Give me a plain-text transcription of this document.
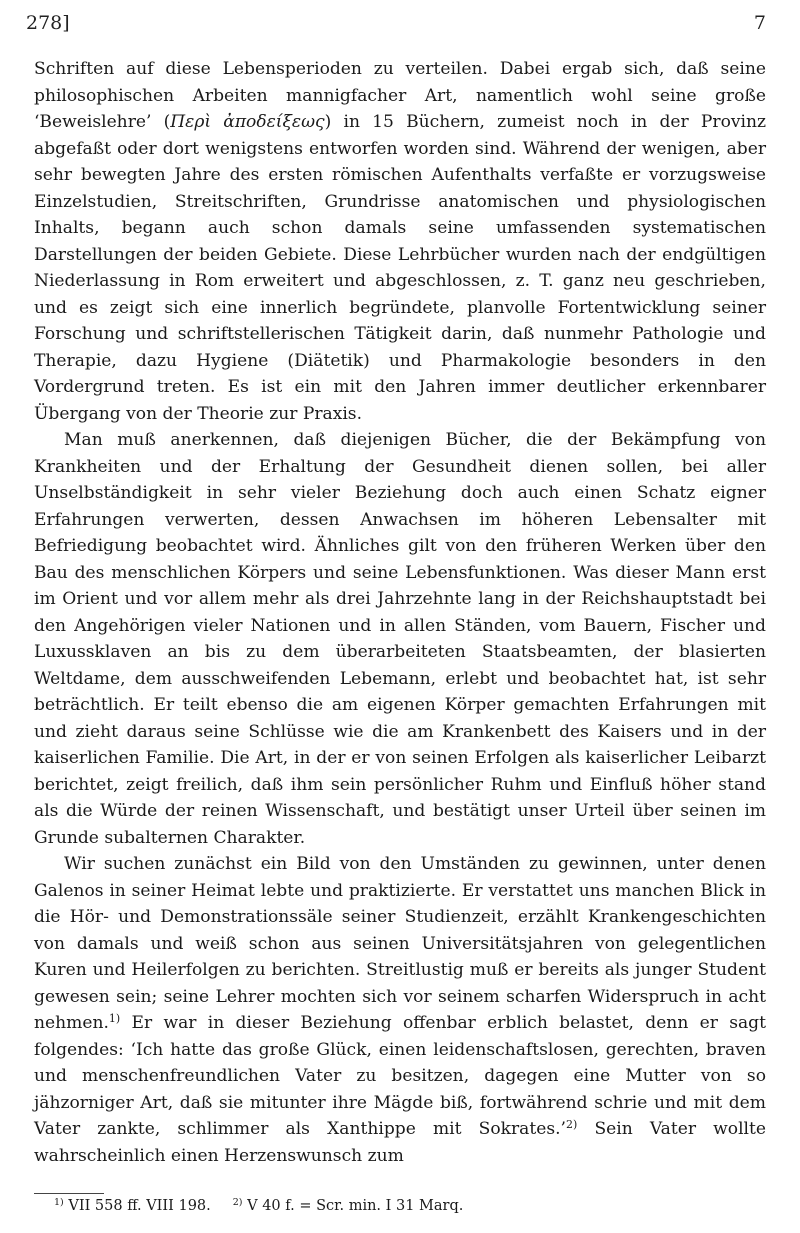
278]	7

Schriften auf diese Lebensperioden zu verteilen. Dabei ergab sich, daß seine philosophischen Arbeiten mannigfacher Art, namentlich wohl seine große ‘Beweislehre’ (Περὶ ἀποδείξεως) in 15 Büchern, zumeist noch in der Provinz abgefaßt oder dort wenigstens entworfen worden sind. Während der wenigen, aber sehr bewegten Jahre des ersten römischen Aufenthalts verfaßte er vorzugsweise Einzelstudien, Streitschriften, Grundrisse anatomischen und physiologischen Inhalts, begann auch schon damals seine umfassenden systematischen Darstellungen der beiden Gebiete. Diese Lehrbücher wurden nach der endgültigen Niederlassung in Rom erweitert und abgeschlossen, z. T. ganz neu geschrieben, und es zeigt sich eine innerlich begründete, planvolle Fortentwicklung seiner Forschung und schriftstellerischen Tätigkeit darin, daß nunmehr Pathologie und Therapie, dazu Hygiene (Diätetik) und Pharmakologie besonders in den Vordergrund treten. Es ist ein mit den Jahren immer deutlicher erkennbarer Übergang von der Theorie zur Praxis.

Man muß anerkennen, daß diejenigen Bücher, die der Bekämpfung von Krankheiten und der Erhaltung der Gesundheit dienen sollen, bei aller Unselbständigkeit in sehr vieler Beziehung doch auch einen Schatz eigner Erfahrungen verwerten, dessen Anwachsen im höheren Lebensalter mit Befriedigung beobachtet wird. Ähnliches gilt von den früheren Werken über den Bau des menschlichen Körpers und seine Lebensfunktionen. Was dieser Mann erst im Orient und vor allem mehr als drei Jahrzehnte lang in der Reichshauptstadt bei den Angehörigen vieler Nationen und in allen Ständen, vom Bauern, Fischer und Luxussklaven an bis zu dem überarbeiteten Staatsbeamten, der blasierten Weltdame, dem ausschweifenden Lebemann, erlebt und beobachtet hat, ist sehr beträchtlich. Er teilt ebenso die am eigenen Körper gemachten Erfahrungen mit und zieht daraus seine Schlüsse wie die am Krankenbett des Kaisers und in der kaiserlichen Familie. Die Art, in der er von seinen Erfolgen als kaiserlicher Leibarzt berichtet, zeigt freilich, daß ihm sein persönlicher Ruhm und Einfluß höher stand als die Würde der reinen Wissenschaft, und bestätigt unser Urteil über seinen im Grunde subalternen Charakter.

Wir suchen zunächst ein Bild von den Umständen zu gewinnen, unter denen Galenos in seiner Heimat lebte und praktizierte. Er verstattet uns manchen Blick in die Hör- und Demonstrationssäle seiner Studienzeit, erzählt Krankengeschichten von damals und weiß schon aus seinen Universitätsjahren von gelegentlichen Kuren und Heilerfolgen zu berichten. Streitlustig muß er bereits als junger Student gewesen sein; seine Lehrer mochten sich vor seinem scharfen Widerspruch in acht nehmen.$^{1)}$ Er war in dieser Beziehung offenbar erblich belastet, denn er sagt folgendes: ‘Ich hatte das große Glück, einen leidenschaftslosen, gerechten, braven und menschenfreundlichen Vater zu besitzen, dagegen eine Mutter von so jähzorniger Art, daß sie mitunter ihre Mägde biß, fortwährend schrie und mit dem Vater zankte, schlimmer als Xanthippe mit Sokrates.’$^{2)}$ Sein Vater wollte wahrscheinlich einen Herzenswunsch zum

$^{1)}$ VII 558 ff. VIII 198. $^{2)}$ V 40 f. = Scr. min. I 31 Marq.
